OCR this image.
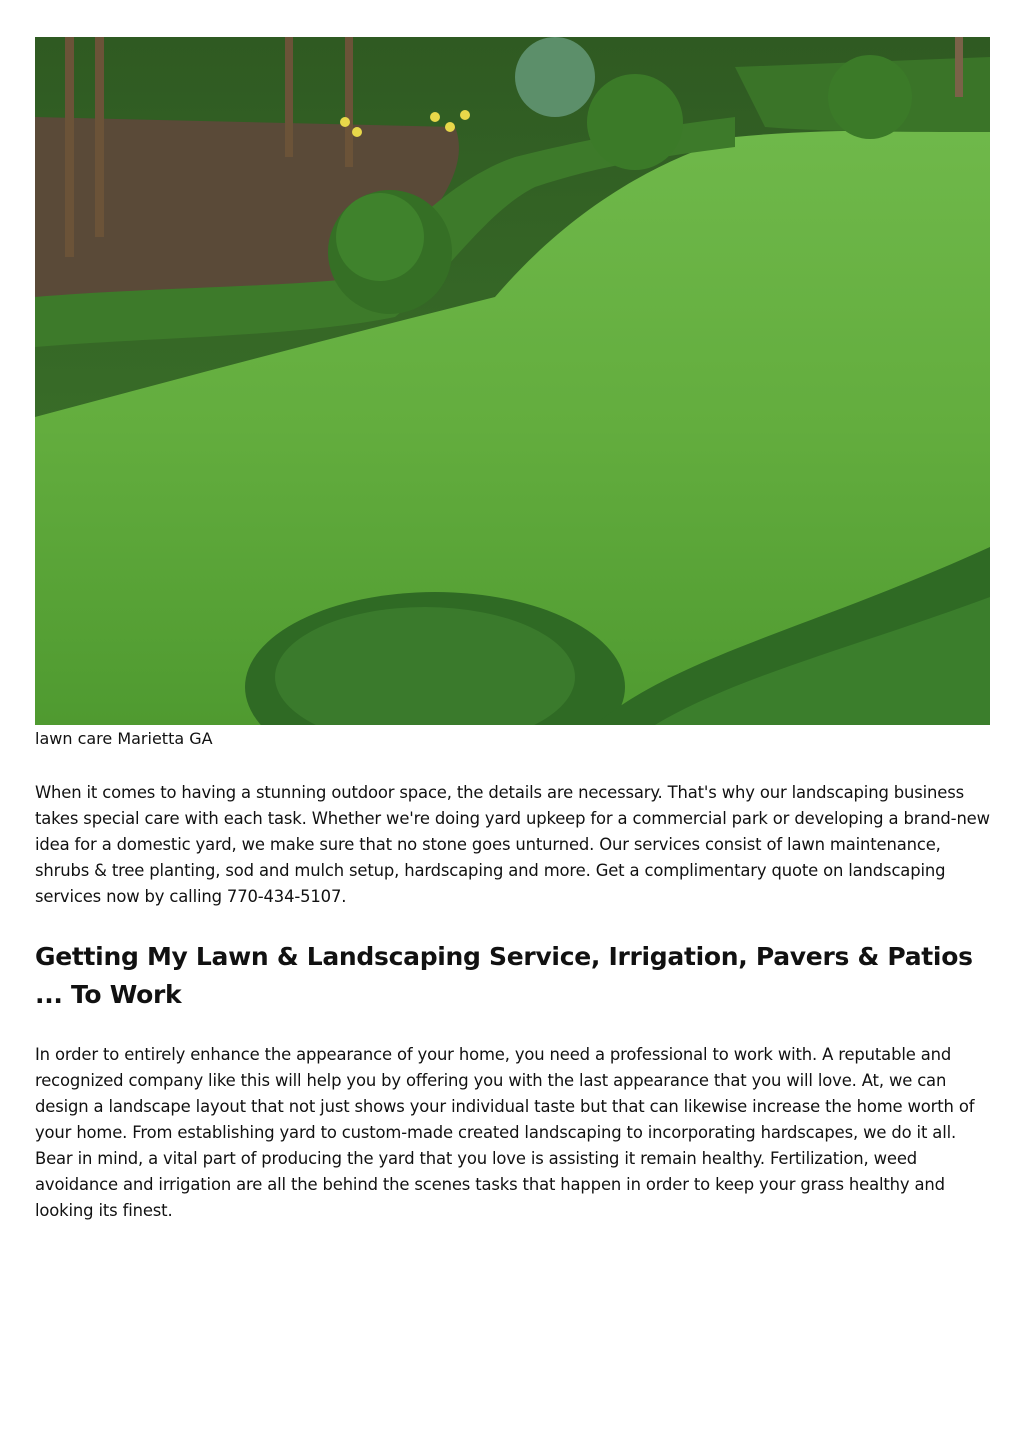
lawn care Marietta GA

When it comes to having a stunning outdoor space, the details are necessary. That's why our landscaping business takes special care with each task. Whether we're doing yard upkeep for a commercial park or developing a brand-new idea for a domestic yard, we make sure that no stone goes unturned. Our services consist of lawn maintenance, shrubs & tree planting, sod and mulch setup, hardscaping and more. Get a complimentary quote on landscaping services now by calling 770-434-5107.

Getting My Lawn & Landscaping Service, Irrigation, Pavers & Patios ... To Work

In order to entirely enhance the appearance of your home, you need a professional to work with. A reputable and recognized company like this will help you by offering you with the last appearance that you will love. At, we can design a landscape layout that not just shows your individual taste but that can likewise increase the home worth of your home. From establishing yard to custom-made created landscaping to incorporating hardscapes, we do it all. Bear in mind, a vital part of producing the yard that you love is assisting it remain healthy. Fertilization, weed avoidance and irrigation are all the behind the scenes tasks that happen in order to keep your grass healthy and looking its finest.
